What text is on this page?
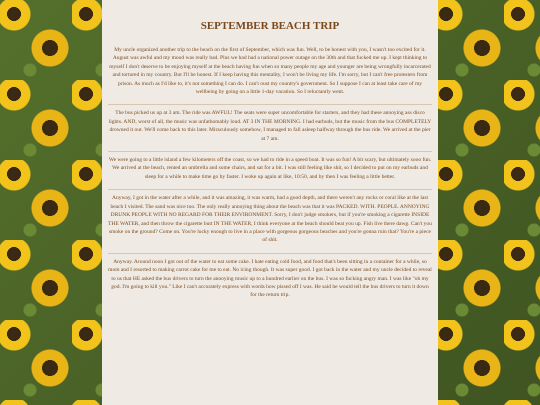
SEPTEMBER BEACH TRIP

My uncle organized another trip to the beach on the first of September, which was fun. Well, to be honest with you, I wasn't too excited for it. August was awful and my mood was really bad. Plus we had had a national power outage on the 30th and that fucked me up. I kept thinking to myself I don't deserve to be enjoying myself at the beach having fun when so many people my age and younger are being wrongfully incarcerated and tortured in my country. But I'll be honest. If I keep having this mentality, I won't be living my life. I'm sorry, but I can't free protesters from prison. As much as I'd like to, it's not something I can do. I can't oust my country's government. So I suppose I can at least take care of my wellbeing by going on a little 1-day vacation. So I reluctantly went.

The bus picked us up at 3 am. The ride was AWFUL! The seats were super uncomfortable for starters, and they had these annoying ass disco lights. AND, worst of all, the music was unfathomably loud. AT 3 IN THE MORNING. I had earbuds, but the music from the bus COMPLETELY drowned it out. We'll come back to this later. Miraculously somehow, I managed to fall asleep halfway through the bus ride. We arrived at the pier at 7 am.

We were going to a little island a few kilometers off the coast, so we had to ride in a speed boat. It was so fun! A bit scary, but ultimately sooo fun. We arrived at the beach, rented an umbrella and some chairs, and sat for a bit. I was still feeling like shit, so I decided to put on my earbuds and sleep for a while to make time go by faster. I woke up again at like, 10:50, and by then I was feeling a little better.

Anyway, I got in the water after a while, and it was amazing, it was warm, had a good depth, and there weren't any rocks or coral like at the last beach I visited. The sand was nice too. The only really annoying thing about the beach was that it was PACKED. WITH. PEOPLE. ANNOYING DRUNK PEOPLE WITH NO REGARD FOR THEIR ENVIRONMENT. Sorry, I don't judge smokers, but if you're smoking a cigarette INSIDE THE WATER, and then throw the cigarette butt IN THE WATER, I think everyone at the beach should beat you up. Fish live there dawg. Can't you smoke on the ground? Come on. You're lucky enough to live in a place with gorgeous gorgeous beaches and you're gonna ruin that? You're a piece of shit.

Anyway. Around noon I got out of the water to eat some cake. I hate eating cold food, and food that's been sitting in a container for a while, so mom and I resorted to making carrot cake for me to eat. No icing though. It was super good. I got back in the water and my uncle decided to reveal to us that HE asked the bus drivers to turn the annoying music up to a hundred earlier on the bus. I was so fucking angry man. I was like "oh my god. I'm going to kill you." Like I can't accurately express with words how pissed off I was. He said he would tell the bus drivers to turn it down for the return trip.
